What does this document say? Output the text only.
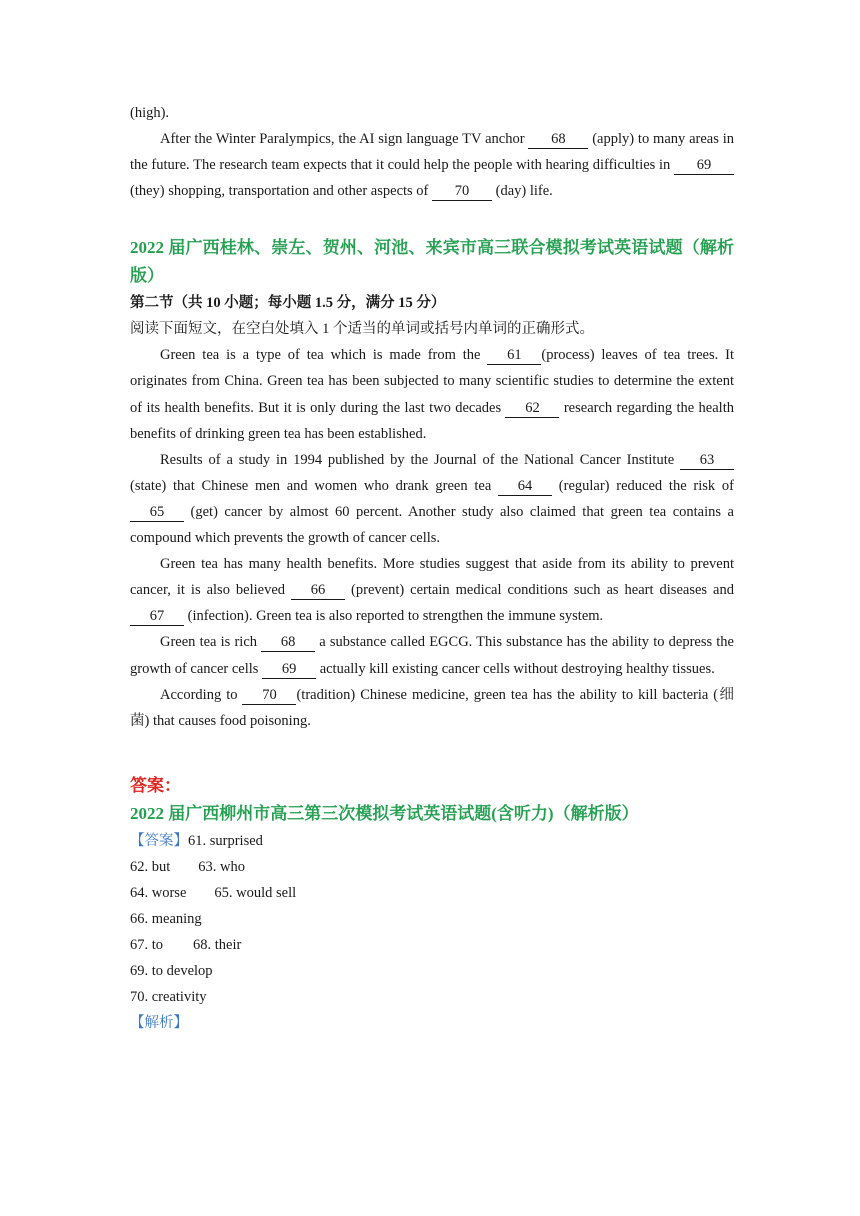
(high).

After the Winter Paralympics, the AI sign language TV anchor 68 (apply) to many areas in the future. The research team expects that it could help the people with hearing difficulties in 69 (they) shopping, transportation and other aspects of 70 (day) life.

2022 届广西桂林、崇左、贺州、河池、来宾市高三联合模拟考试英语试题（解析版）

第二节（共 10 小题；每小题 1.5 分，满分 15 分）

阅读下面短文，在空白处填入 1 个适当的单词或括号内单词的正确形式。

Green tea is a type of tea which is made from the 61 (process) leaves of tea trees. It originates from China. Green tea has been subjected to many scientific studies to determine the extent of its health benefits. But it is only during the last two decades 62 research regarding the health benefits of drinking green tea has been established.

Results of a study in 1994 published by the Journal of the National Cancer Institute 63(state) that Chinese men and women who drank green tea 64 (regular) reduced the risk of 65 (get) cancer by almost 60 percent. Another study also claimed that green tea contains a compound which prevents the growth of cancer cells.

Green tea has many health benefits. More studies suggest that aside from its ability to prevent cancer, it is also believed 66 (prevent) certain medical conditions such as heart diseases and 67 (infection). Green tea is also reported to strengthen the immune system.

Green tea is rich 68 a substance called EGCG. This substance has the ability to depress the growth of cancer cells 69 actually kill existing cancer cells without destroying healthy tissues.

According to 70 (tradition) Chinese medicine, green tea has the ability to kill bacteria (细菌) that causes food poisoning.

答案：

2022 届广西柳州市高三第三次模拟考试英语试题(含听力)（解析版）

【答案】61. surprised

62. but 63. who

64. worse 65. would sell

66. meaning

67. to 68. their

69. to develop

70. creativity

【解析】
